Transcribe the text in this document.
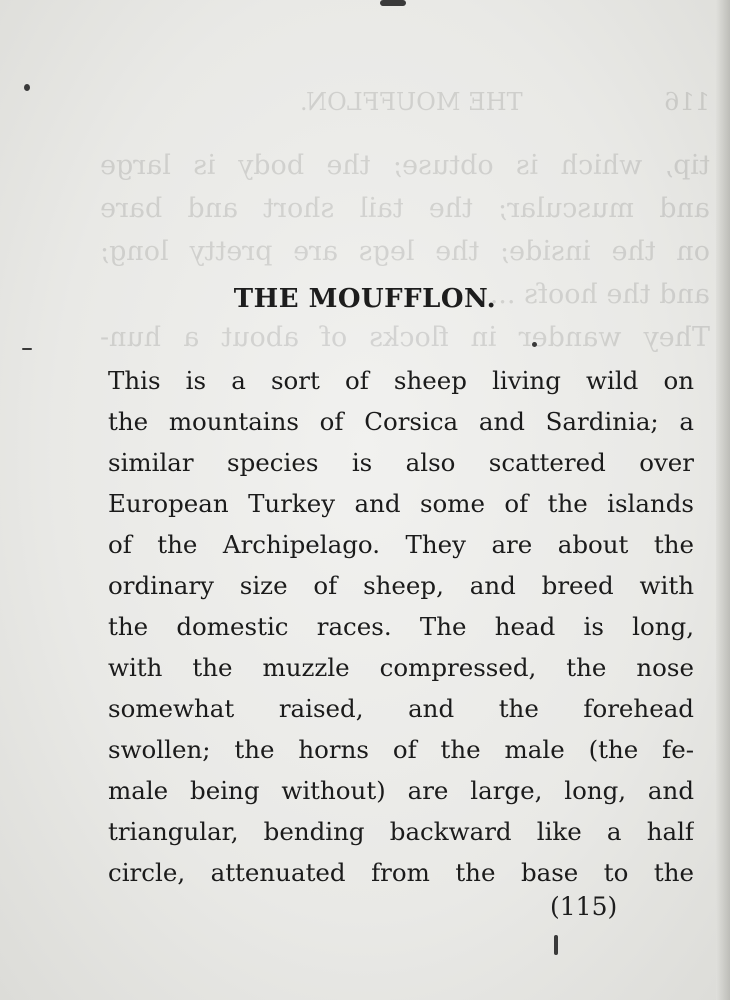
116
THE MOUFFLON.
tip, which is obtuse; the body is large
and muscular; the tail short and bare
on the inside; the legs are pretty long;
and the hoofs ...
They wander in flocks of about a hun-
THE MOUFFLON.
This is a sort of sheep living wild on
the mountains of Corsica and Sardinia; a
similar species is also scattered over
European Turkey and some of the islands
of the Archipelago. They are about the
ordinary size of sheep, and breed with
the domestic races. The head is long,
with the muzzle compressed, the nose
somewhat raised, and the forehead
swollen; the horns of the male (the fe-
male being without) are large, long, and
triangular, bending backward like a half
circle, attenuated from the base to the
(115)
